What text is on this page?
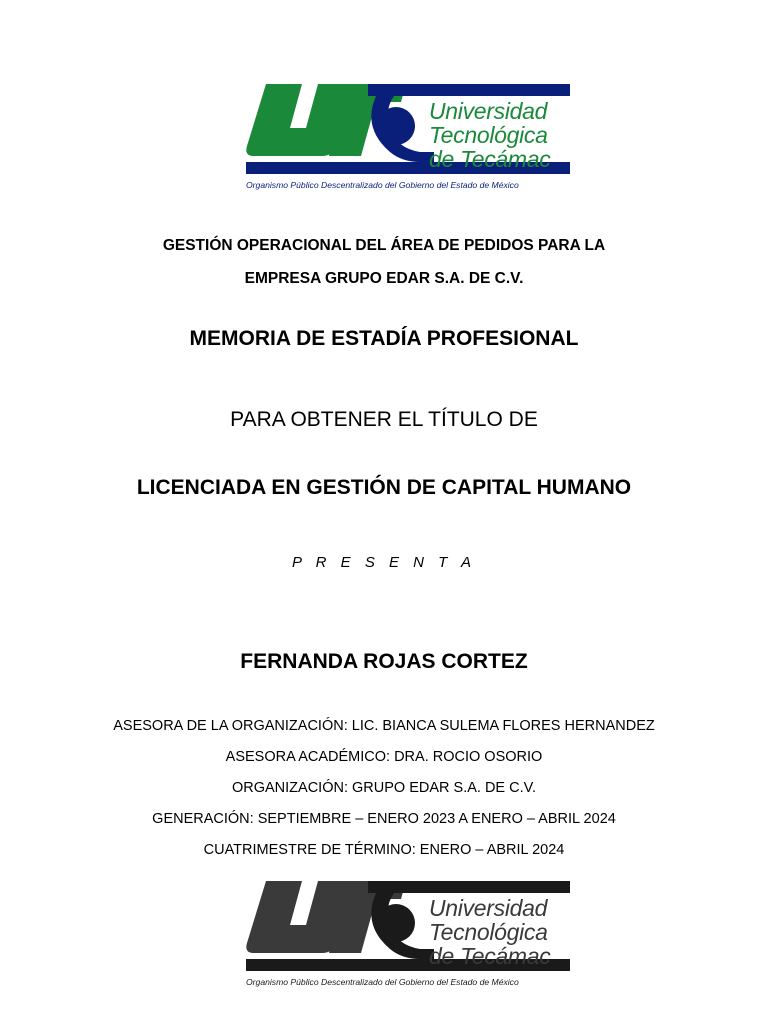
Universidad
Tecnológica
de Tecámac
Organismo Público Descentralizado del Gobierno del Estado de México
GESTIÓN OPERACIONAL DEL ÁREA DE PEDIDOS PARA LA
EMPRESA GRUPO EDAR S.A. DE C.V.
MEMORIA DE ESTADÍA PROFESIONAL
PARA OBTENER EL TÍTULO DE
LICENCIADA EN GESTIÓN DE CAPITAL HUMANO
P R E S E N T A
FERNANDA ROJAS CORTEZ
ASESORA DE LA ORGANIZACIÓN: LIC. BIANCA SULEMA FLORES HERNANDEZ
ASESORA ACADÉMICO: DRA. ROCIO OSORIO
ORGANIZACIÓN: GRUPO EDAR S.A. DE C.V.
GENERACIÓN: SEPTIEMBRE – ENERO 2023 A ENERO – ABRIL 2024
CUATRIMESTRE DE TÉRMINO: ENERO – ABRIL 2024
Universidad
Tecnológica
de Tecámac
Organismo Público Descentralizado del Gobierno del Estado de México
